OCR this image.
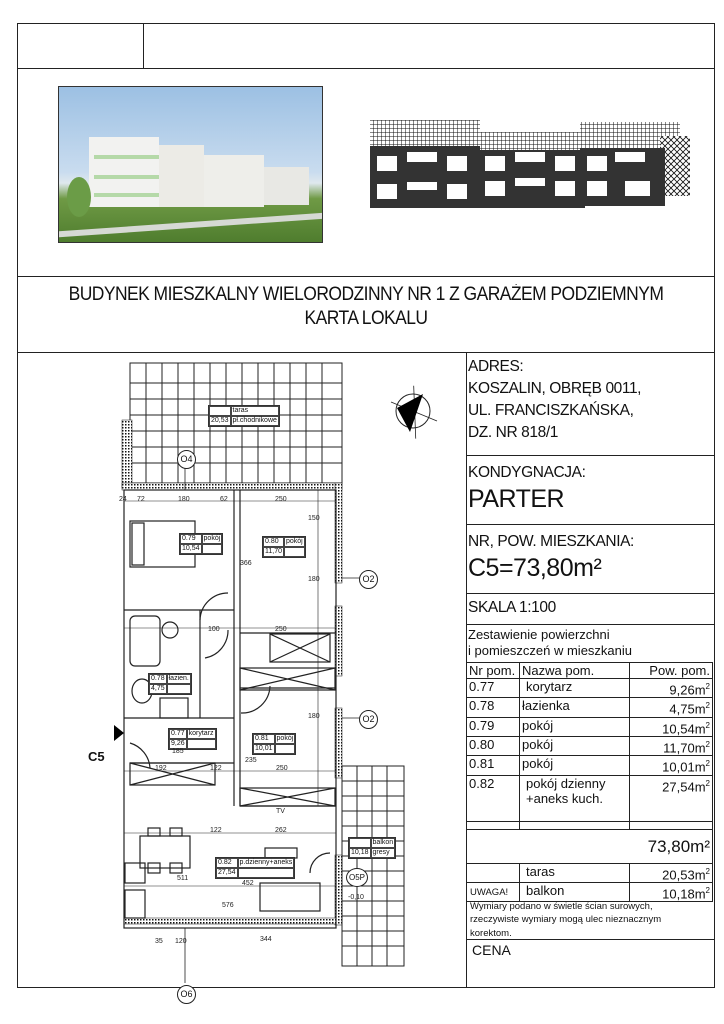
BUDYNEK MIESZKALNY WIELORODZINNY NR 1 Z GARAŻEM PODZIEMNYM
KARTA LOKALU
ADRES:
KOSZALIN, OBRĘB 0011,
UL. FRANCISZKAŃSKA,
DZ. NR 818/1
KONDYGNACJA:
PARTER
NR, POW. MIESZKANIA:
C5=73,80m²
SKALA 1:100
Zestawienie powierzchni
i pomieszczeń w mieszkaniu
Nr pom.	Nazwa pom.	Pow. pom.
0.77	korytarz	$9,26m^2$
0.78	łazienka	$4,75m^2$
0.79	pokój	$10,54m^2$
0.80	pokój	$11,70m^2$
0.81	pokój	$10,01m^2$
0.82	pokój dzienny
+aneks kuch.	$27,54m^2$

73,80m²		
	taras	$20,53m^2$
	balkon	$10,18m^2$
UWAGA!
Wymiary podano w świetle ścian surowych,
rzeczywiste wymiary mogą ulec nieznacznym
korektom.
CENA
taras
20,53 pł.chodnikowe
0.79	pokój
10,54
0.80	pokój
11,70
0.78 łazien.
4,75
0.77 korytarz
9,26
0.81	pokój
10,01
0.82	p.dzienny+aneks
27,54
balkon
10,18 gresy
O4
O2
O2
O5P
O6
C5
24 72	180	62	250
100	250
366
150
180
180
192	122	250
122	262
235
185
511
452
576
344
35 120
-0,10
TV
